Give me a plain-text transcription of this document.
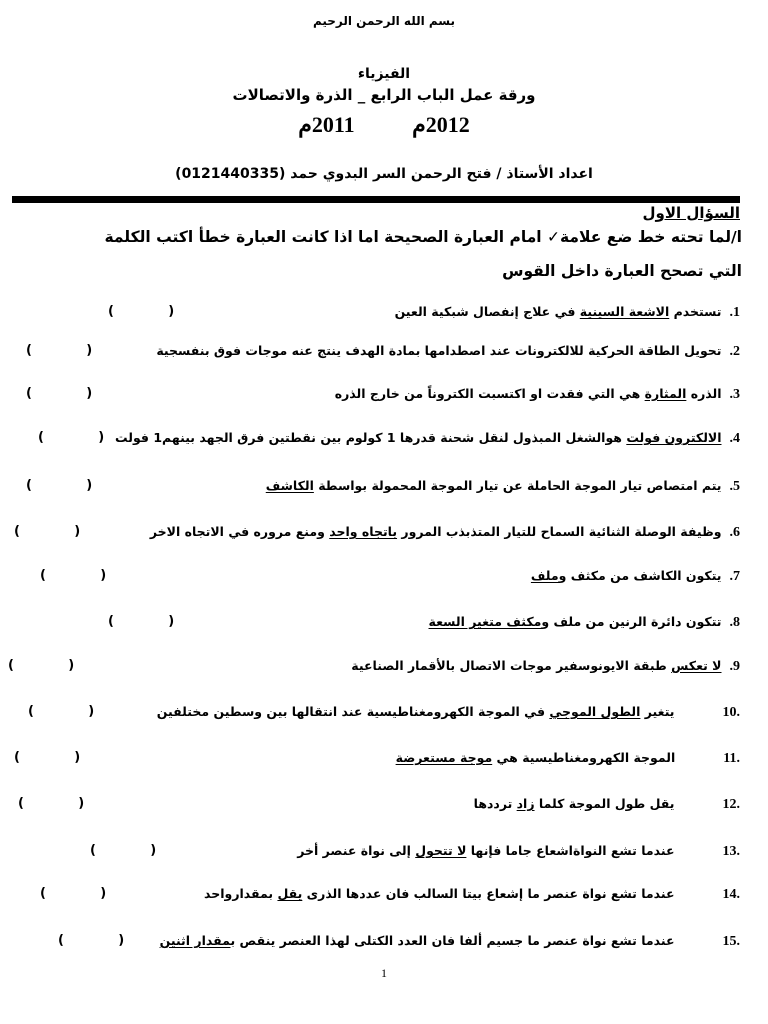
بسم الله الرحمن الرحيم
الفيزياء
ورقة عمل الباب الرابع _ الذرة والاتصالات
2012م 2011م
اعداد الأستاذ / فتح الرحمن السر البدوي حمد (0121440335)
السؤال الاول
ا/لما تحته خط ضع علامة✓ امام العبارة الصحيحة اما اذا كانت العبارة خطأ اكتب الكلمة
التي تصحح العبارة داخل القوس
1.تستخدم الاشعة السينية في علاج إنفصال شبكية العين
(            )
2.تحويل الطاقة الحركية للالكترونات عند اصطدامها بمادة الهدف ينتج عنه موجات فوق بنفسجية
(            )
3.الذره المثارة هي التي فقدت او اكتسبت الكتروناً من خارج الذره
(            )
4.الالكترون فولت هوالشغل المبذول لنقل شحنة قدرها 1 كولوم بين نقطتين فرق الجهد بينهم1 فولت
(            )
5.يتم امتصاص تيار الموجة الحاملة عن تيار الموجة المحمولة بواسطة الكاشف
(            )
6.وظيفة الوصلة الثنائية السماح للتيار المتذبذب المرور باتجاه واحد ومنع مروره في الاتجاه الاخر
(            )
7.يتكون الكاشف من مكثف وملف
(            )
8.تتكون دائرة الرنين من ملف ومكثف متغير السعة
(            )
9.لا تعكس طبقة الايونوسفير موجات الاتصال بالأقمار الصناعية
(            )
.10يتغير الطول الموجي في الموجة الكهرومغناطيسية عند انتقالها بين وسطين مختلفين
(            )
.11الموجة الكهرومغناطيسية هي موجة مستعرضة
(            )
.12يقل طول الموجة كلما زاد ترددها
(            )
.13عندما تشع النواةاشعاع جاما فإنها لا تتحول إلى نواة عنصر أخر
(            )
.14عندما تشع نواة عنصر ما إشعاع بيتا السالب فان عددها الذرى يقل بمقدارواحد
(            )
.15عندما تشع نواة عنصر ما جسيم ألفا فان العدد الكتلى لهذا العنصر ينقص بمقدار اثنين
(            )
1
